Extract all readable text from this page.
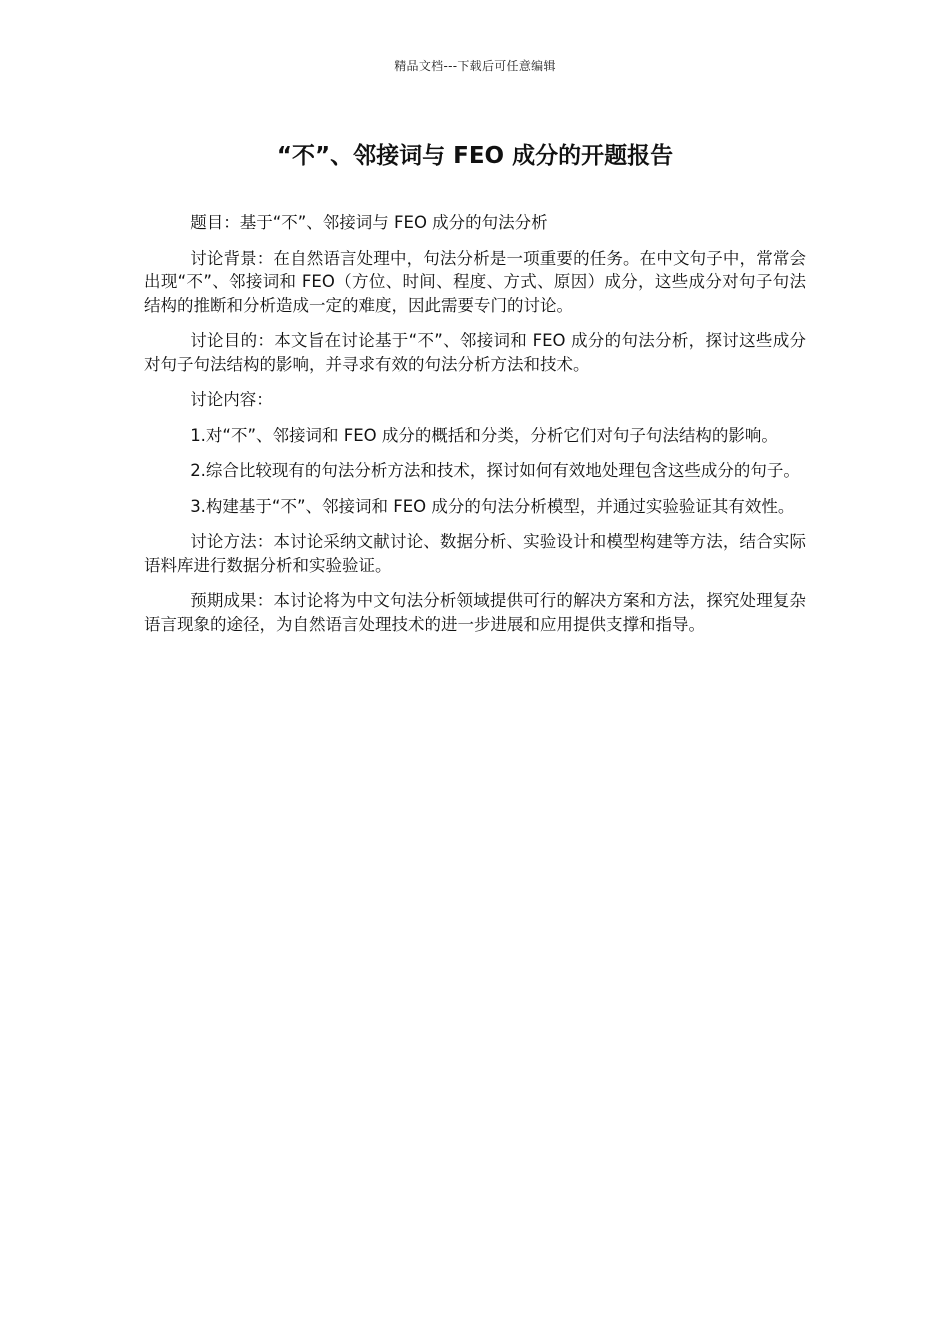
精品文档---下载后可任意编辑
“不”、邻接词与 FEO 成分的开题报告

题目：基于“不”、邻接词与 FEO 成分的句法分析

讨论背景：在自然语言处理中，句法分析是一项重要的任务。在中文句子中，常常会出现“不”、邻接词和 FEO（方位、时间、程度、方式、原因）成分，这些成分对句子句法结构的推断和分析造成一定的难度，因此需要专门的讨论。

讨论目的：本文旨在讨论基于“不”、邻接词和 FEO 成分的句法分析，探讨这些成分对句子句法结构的影响，并寻求有效的句法分析方法和技术。

讨论内容：

1.对“不”、邻接词和 FEO 成分的概括和分类，分析它们对句子句法结构的影响。

2.综合比较现有的句法分析方法和技术，探讨如何有效地处理包含这些成分的句子。

3.构建基于“不”、邻接词和 FEO 成分的句法分析模型，并通过实验验证其有效性。

讨论方法：本讨论采纳文献讨论、数据分析、实验设计和模型构建等方法，结合实际语料库进行数据分析和实验验证。

预期成果：本讨论将为中文句法分析领域提供可行的解决方案和方法，探究处理复杂语言现象的途径，为自然语言处理技术的进一步进展和应用提供支撑和指导。
